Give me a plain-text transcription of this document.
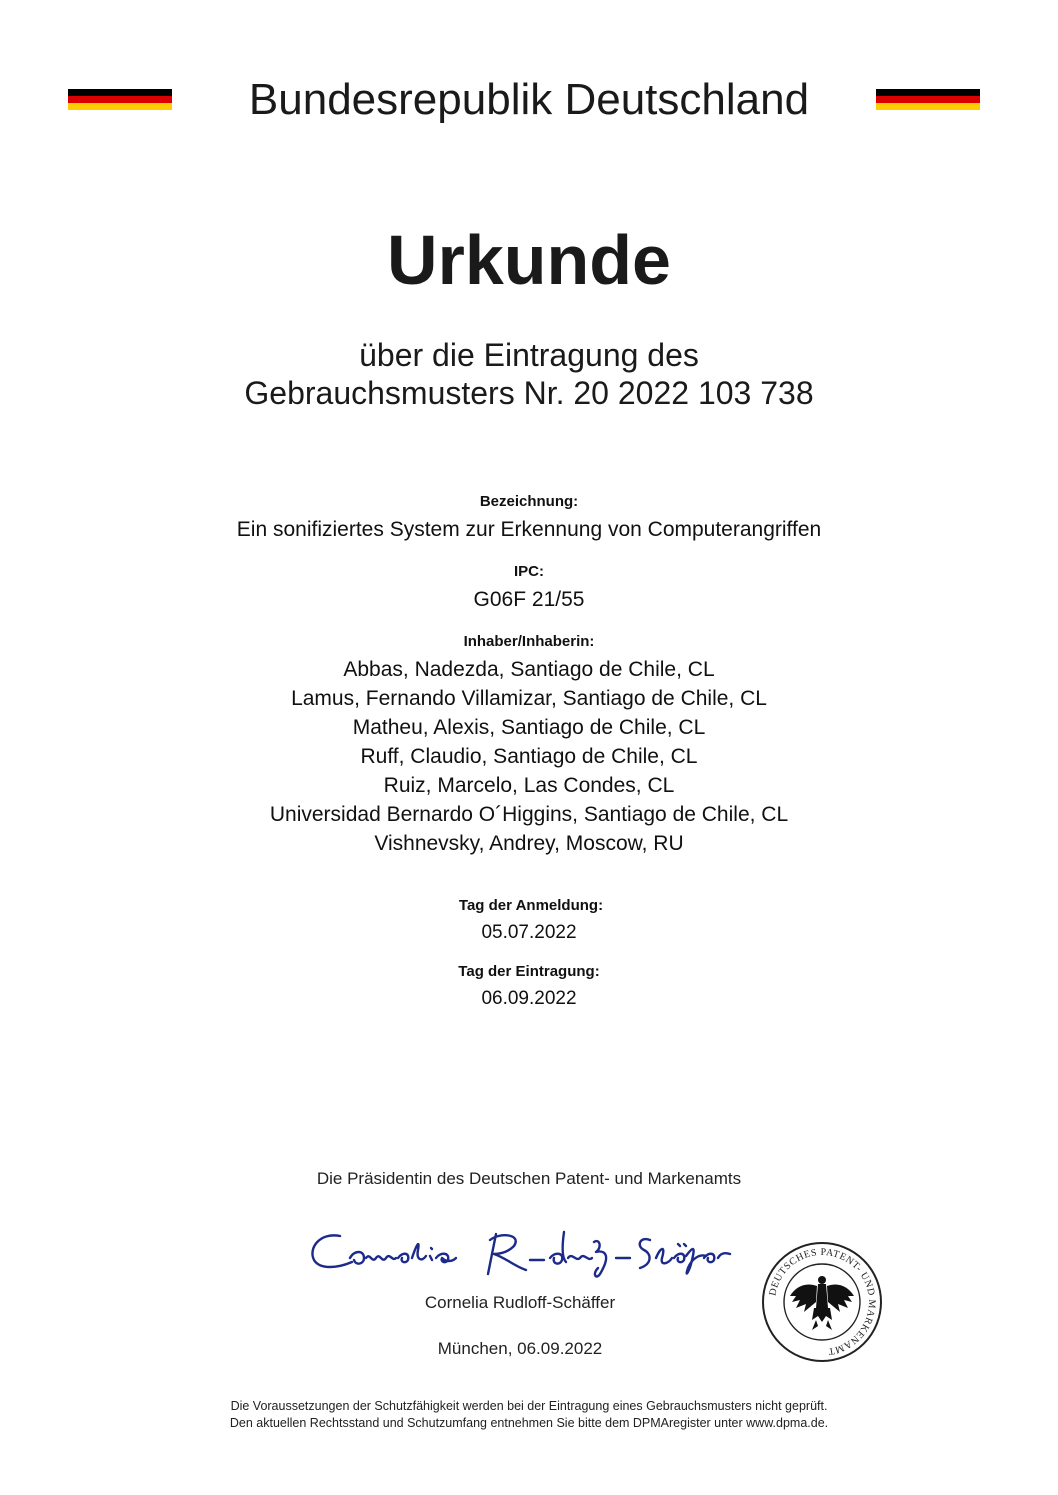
Bundesrepublik Deutschland
Urkunde
über die Eintragung des
Gebrauchsmusters Nr. 20 2022 103 738
Bezeichnung:
Ein sonifiziertes System zur Erkennung von Computerangriffen
IPC:
G06F 21/55
Inhaber/Inhaberin:
Abbas, Nadezda, Santiago de Chile, CL
Lamus, Fernando Villamizar, Santiago de Chile, CL
Matheu, Alexis, Santiago de Chile, CL
Ruff, Claudio, Santiago de Chile, CL
Ruiz, Marcelo, Las Condes, CL
Universidad Bernardo O´Higgins, Santiago de Chile, CL
Vishnevsky, Andrey, Moscow, RU
Tag der Anmeldung:
05.07.2022
Tag der Eintragung:
06.09.2022
Die Präsidentin des Deutschen Patent- und Markenamts
Cornelia Rudloff-Schäffer
München, 06.09.2022
DEUTSCHES PATENT- UND MARKENAMT
Die Voraussetzungen der Schutzfähigkeit werden bei der Eintragung eines Gebrauchsmusters nicht geprüft.
Den aktuellen Rechtsstand und Schutzumfang entnehmen Sie bitte dem DPMAregister unter www.dpma.de.
